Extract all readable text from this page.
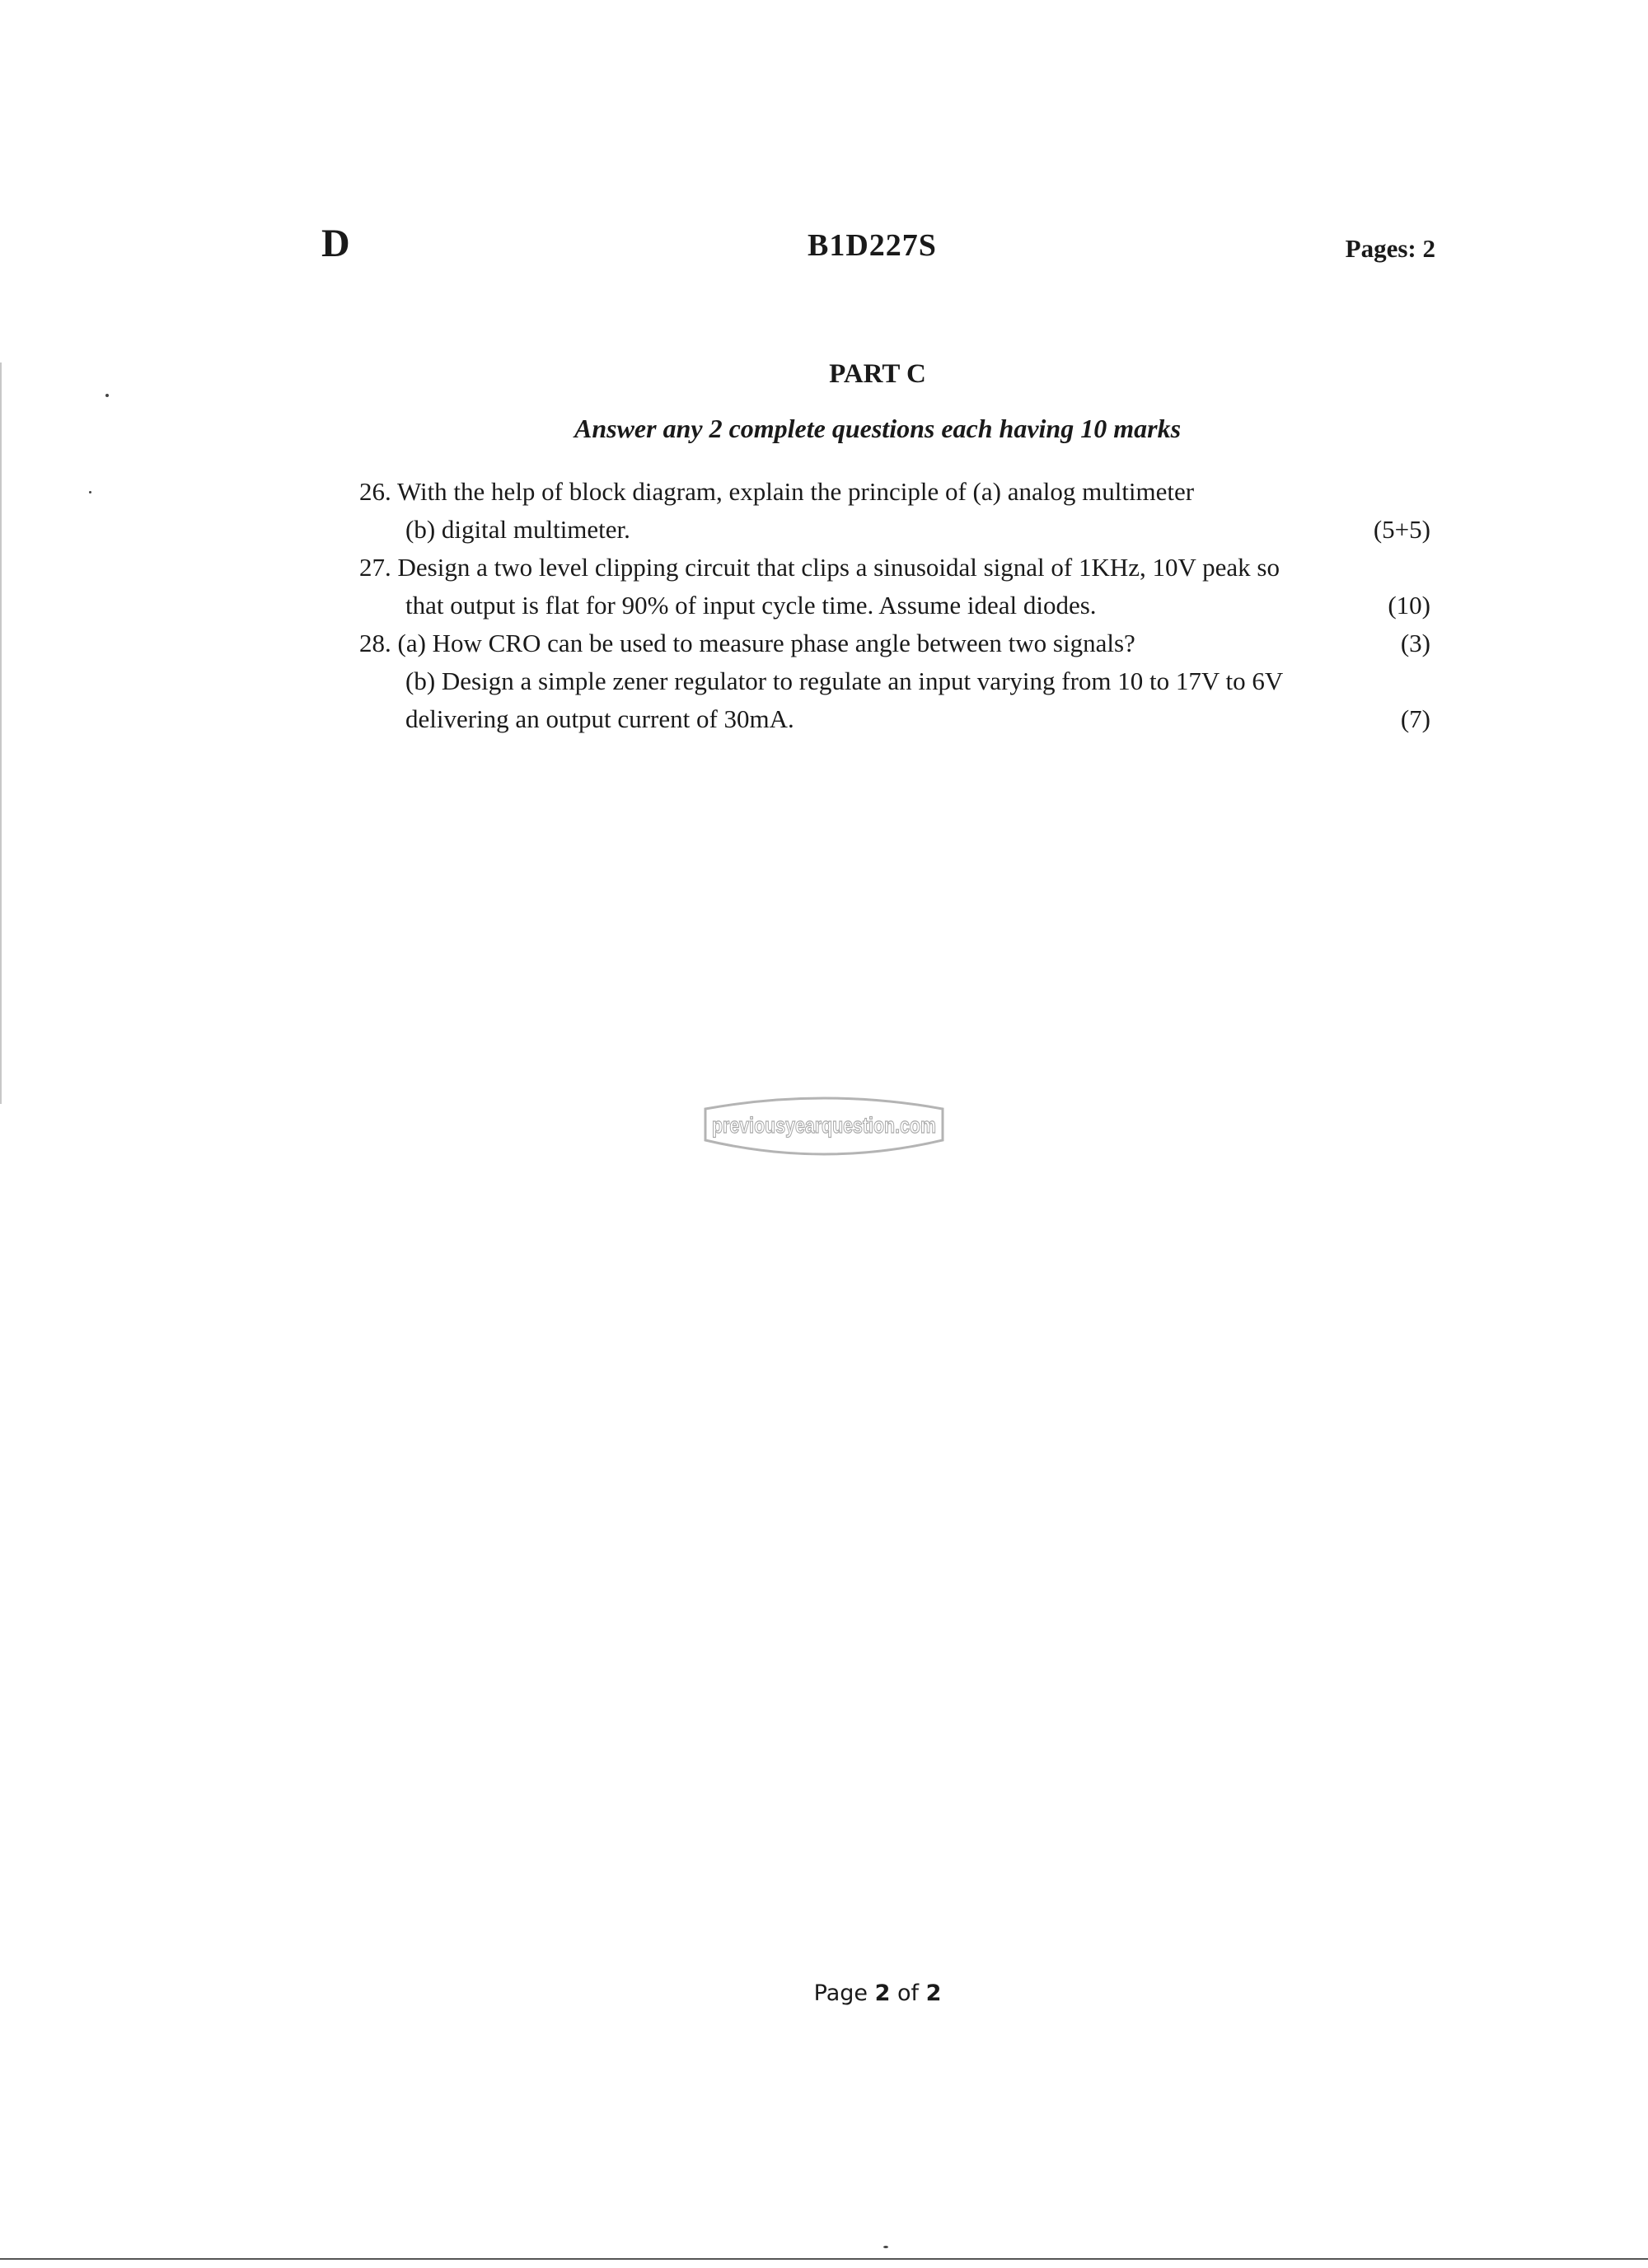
D	B1D227S	Pages: 2
PART C
Answer any 2 complete questions each having 10 marks
26. With the help of block diagram, explain the principle of (a) analog multimeter
(b) digital multimeter.	(5+5)
27. Design a two level clipping circuit that clips a sinusoidal signal of 1KHz, 10V peak so
that output is flat for 90% of input cycle time. Assume ideal diodes.	(10)
28. (a) How CRO can be used to measure phase angle between two signals?	(3)
(b) Design a simple zener regulator to regulate an input varying from 10 to 17V to 6V
delivering an output current of 30mA.	(7)
previousyearquestion.com
Page 2 of 2
